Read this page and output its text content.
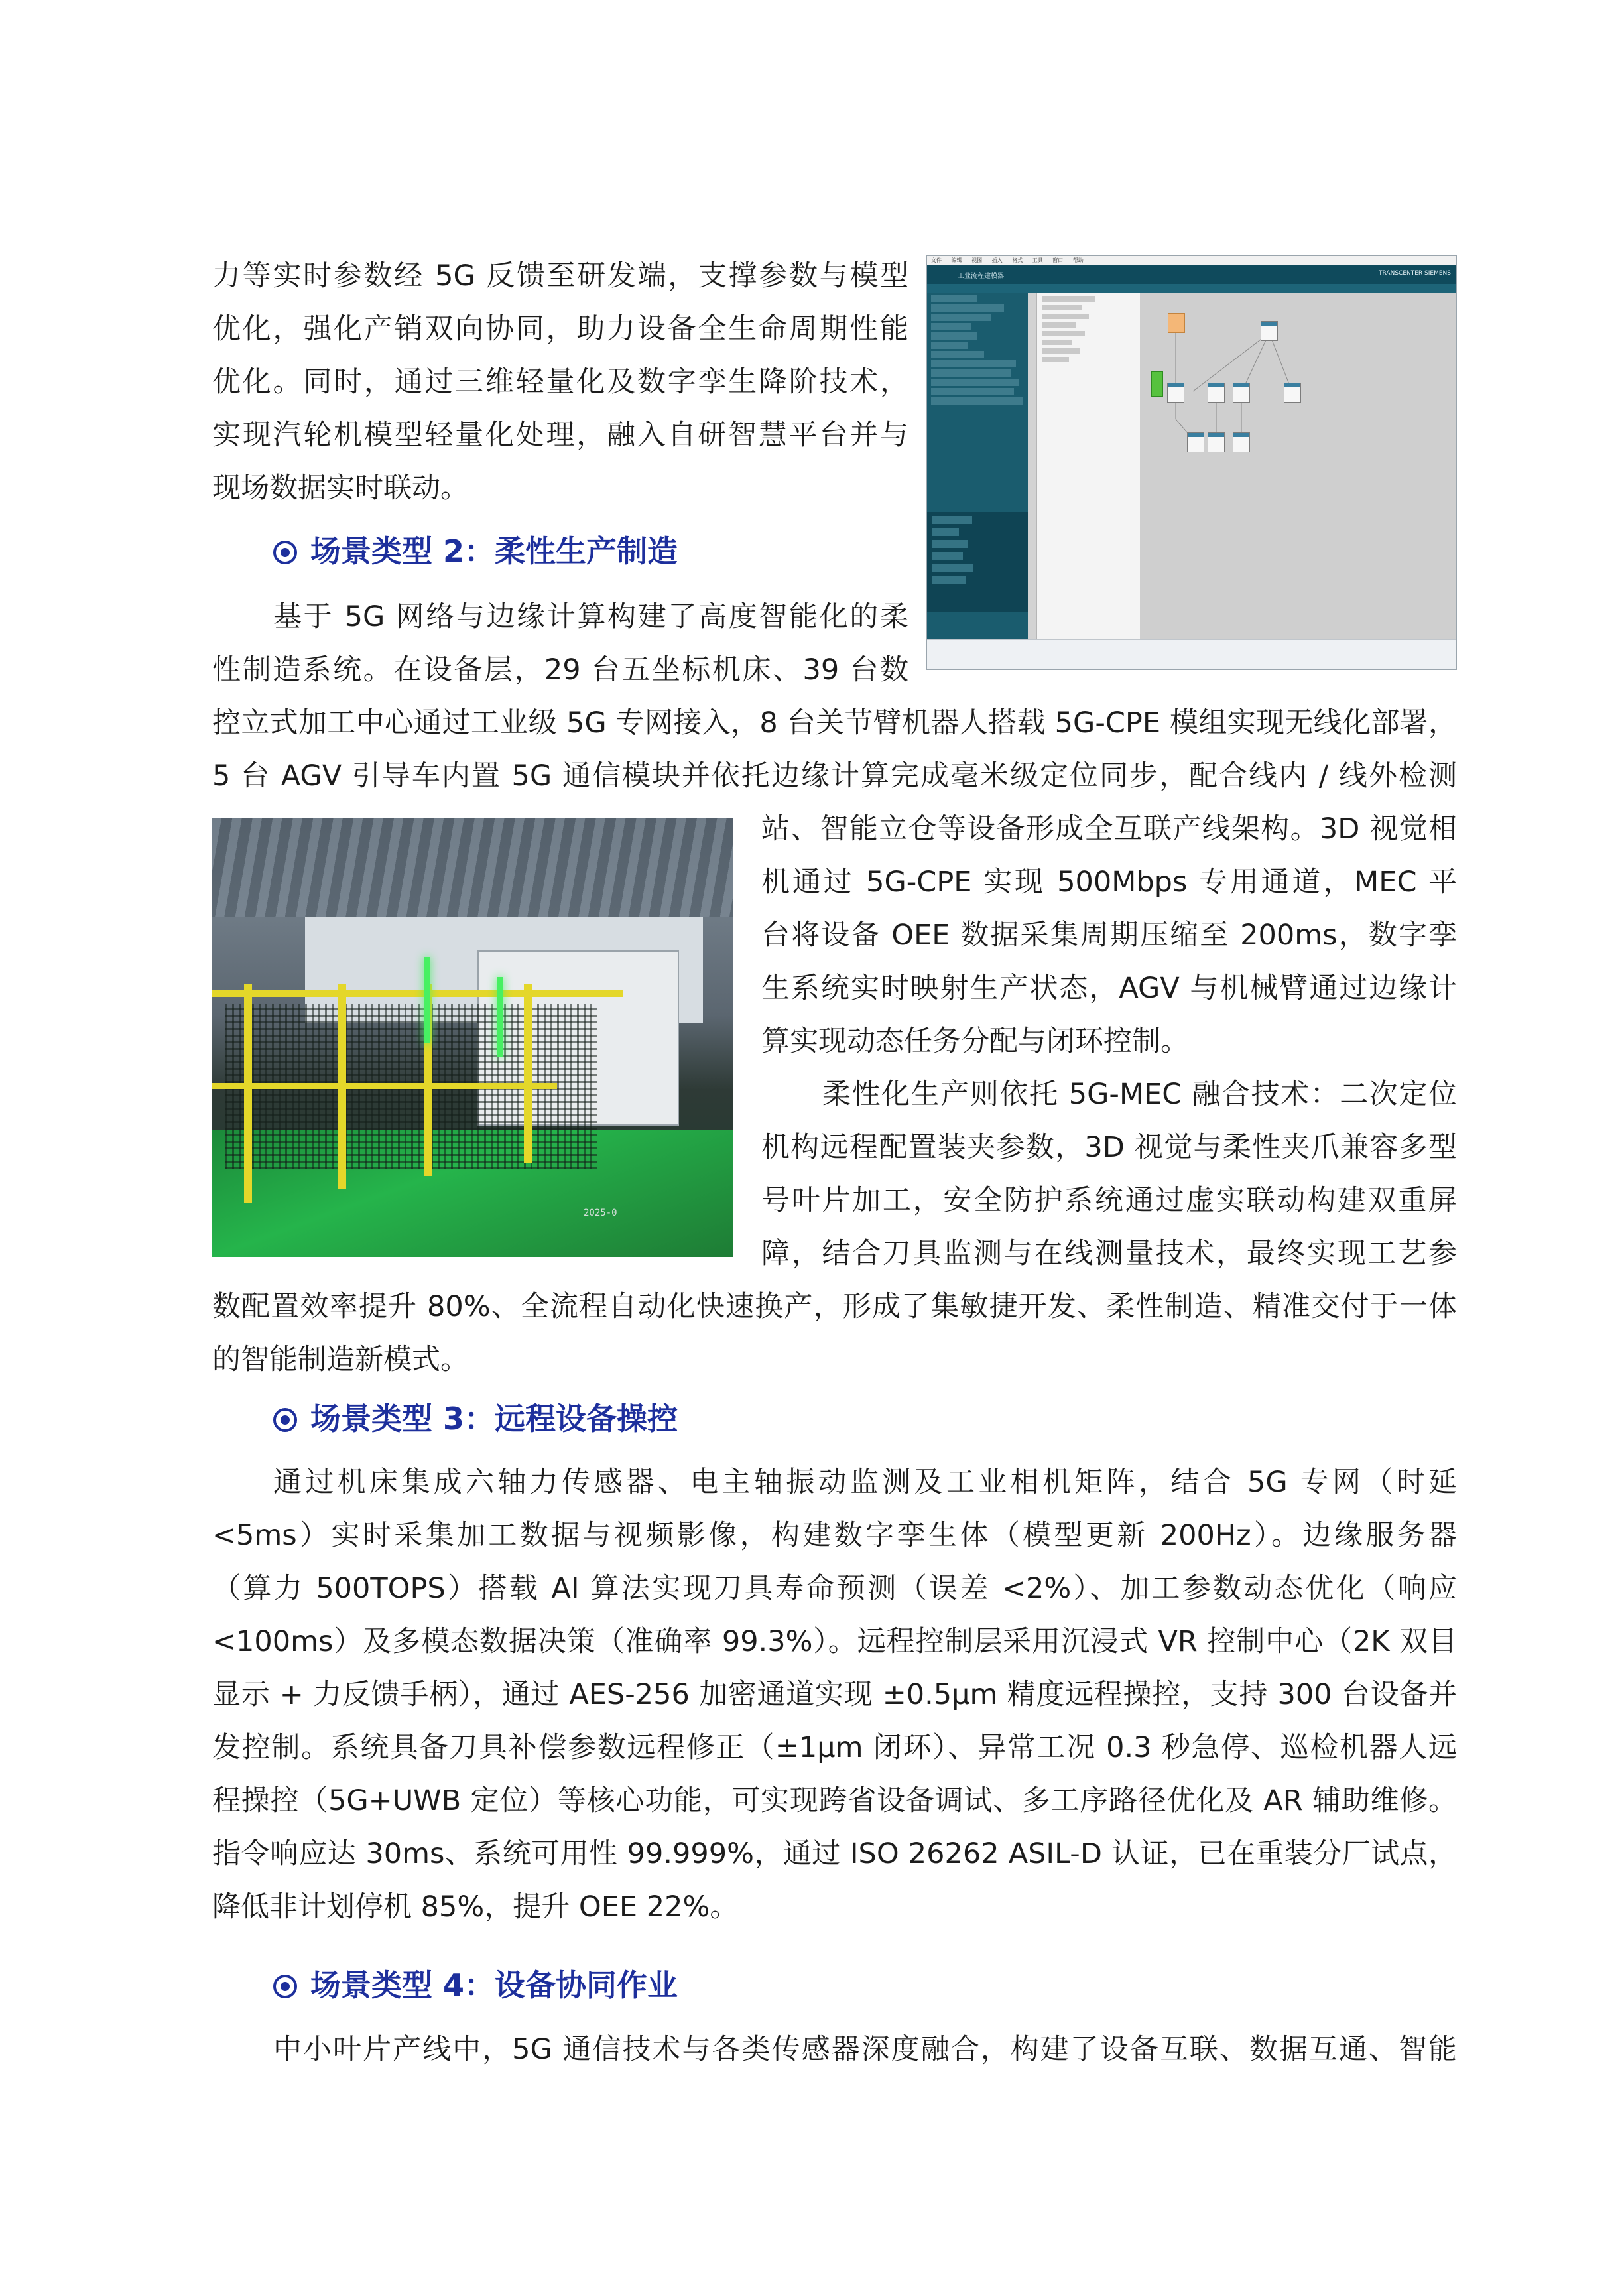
力等实时参数经 5G 反馈至研发端，支撑参数与模型
优化，强化产销双向协同，助力设备全生命周期性能
优化。同时，通过三维轻量化及数字孪生降阶技术，
实现汽轮机模型轻量化处理，融入自研智慧平台并与
现场数据实时联动。
场景类型 2：柔性生产制造
基于 5G 网络与边缘计算构建了高度智能化的柔
性制造系统。在设备层，29 台五坐标机床、39 台数
控立式加工中心通过工业级 5G 专网接入，8 台关节臂机器人搭载 5G-CPE 模组实现无线化部署，
5 台 AGV 引导车内置 5G 通信模块并依托边缘计算完成毫米级定位同步，配合线内 / 线外检测
站、智能立仓等设备形成全互联产线架构。3D 视觉相
机通过 5G-CPE 实现 500Mbps 专用通道，MEC 平
台将设备 OEE 数据采集周期压缩至 200ms，数字孪
生系统实时映射生产状态，AGV 与机械臂通过边缘计
算实现动态任务分配与闭环控制。
柔性化生产则依托 5G-MEC 融合技术：二次定位
机构远程配置装夹参数，3D 视觉与柔性夹爪兼容多型
号叶片加工，安全防护系统通过虚实联动构建双重屏
障，结合刀具监测与在线测量技术，最终实现工艺参
数配置效率提升 80%、全流程自动化快速换产，形成了集敏捷开发、柔性制造、精准交付于一体
的智能制造新模式。
场景类型 3：远程设备操控
通过机床集成六轴力传感器、电主轴振动监测及工业相机矩阵，结合 5G 专网（时延
<5ms）实时采集加工数据与视频影像，构建数字孪生体（模型更新 200Hz）。边缘服务器
（算力 500TOPS）搭载 AI 算法实现刀具寿命预测（误差 <2%）、加工参数动态优化（响应
<100ms）及多模态数据决策（准确率 99.3%）。远程控制层采用沉浸式 VR 控制中心（2K 双目
显示 + 力反馈手柄），通过 AES-256 加密通道实现 ±0.5μm 精度远程操控，支持 300 台设备并
发控制。系统具备刀具补偿参数远程修正（±1μm 闭环）、异常工况 0.3 秒急停、巡检机器人远
程操控（5G+UWB 定位）等核心功能，可实现跨省设备调试、多工序路径优化及 AR 辅助维修。
指令响应达 30ms、系统可用性 99.999%，通过 ISO 26262 ASIL-D 认证，已在重装分厂试点，
降低非计划停机 85%，提升 OEE 22%。
场景类型 4：设备协同作业
中小叶片产线中，5G 通信技术与各类传感器深度融合，构建了设备互联、数据互通、智能
文件 编辑 视图 插入 格式 工具 窗口 帮助
工业流程建模器	TRANSCENTER SIEMENS
2025-0
